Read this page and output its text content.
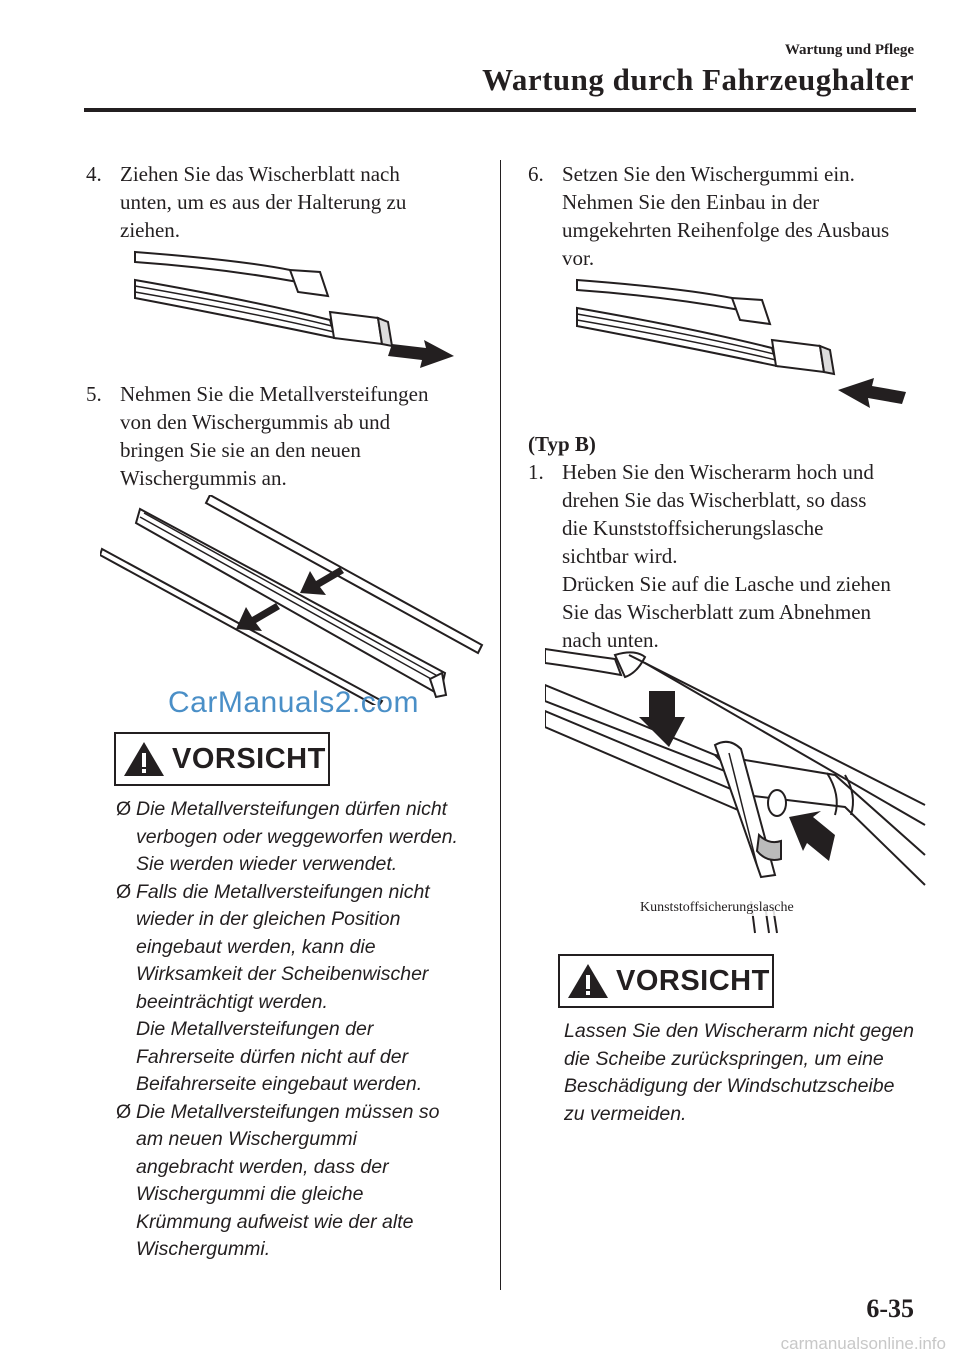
Wartung und Pflege
Wartung durch Fahrzeughalter
4. Ziehen Sie das Wischerblatt nach
unten, um es aus der Halterung zu
ziehen.
5. Nehmen Sie die Metallversteifungen
von den Wischergummis ab und
bringen Sie sie an den neuen
Wischergummis an.
CarManuals2.com
VORSICHT
Ø Die Metallversteifungen dürfen nicht
verbogen oder weggeworfen werden.
Sie werden wieder verwendet.
Ø Falls die Metallversteifungen nicht
wieder in der gleichen Position
eingebaut werden, kann die
Wirksamkeit der Scheibenwischer
beeinträchtigt werden.
Die Metallversteifungen der
Fahrerseite dürfen nicht auf der
Beifahrerseite eingebaut werden.
Ø Die Metallversteifungen müssen so
am neuen Wischergummi
angebracht werden, dass der
Wischergummi die gleiche
Krümmung aufweist wie der alte
Wischergummi.
6. Setzen Sie den Wischergummi ein.
Nehmen Sie den Einbau in der
umgekehrten Reihenfolge des Ausbaus
vor.
(Typ B)
1. Heben Sie den Wischerarm hoch und
drehen Sie das Wischerblatt, so dass
die Kunststoffsicherungslasche
sichtbar wird.
Drücken Sie auf die Lasche und ziehen
Sie das Wischerblatt zum Abnehmen
nach unten.
Kunststoffsicherungslasche
VORSICHT
Lassen Sie den Wischerarm nicht gegen
die Scheibe zurückspringen, um eine
Beschädigung der Windschutzscheibe
zu vermeiden.
6-35
carmanualsonline.info
